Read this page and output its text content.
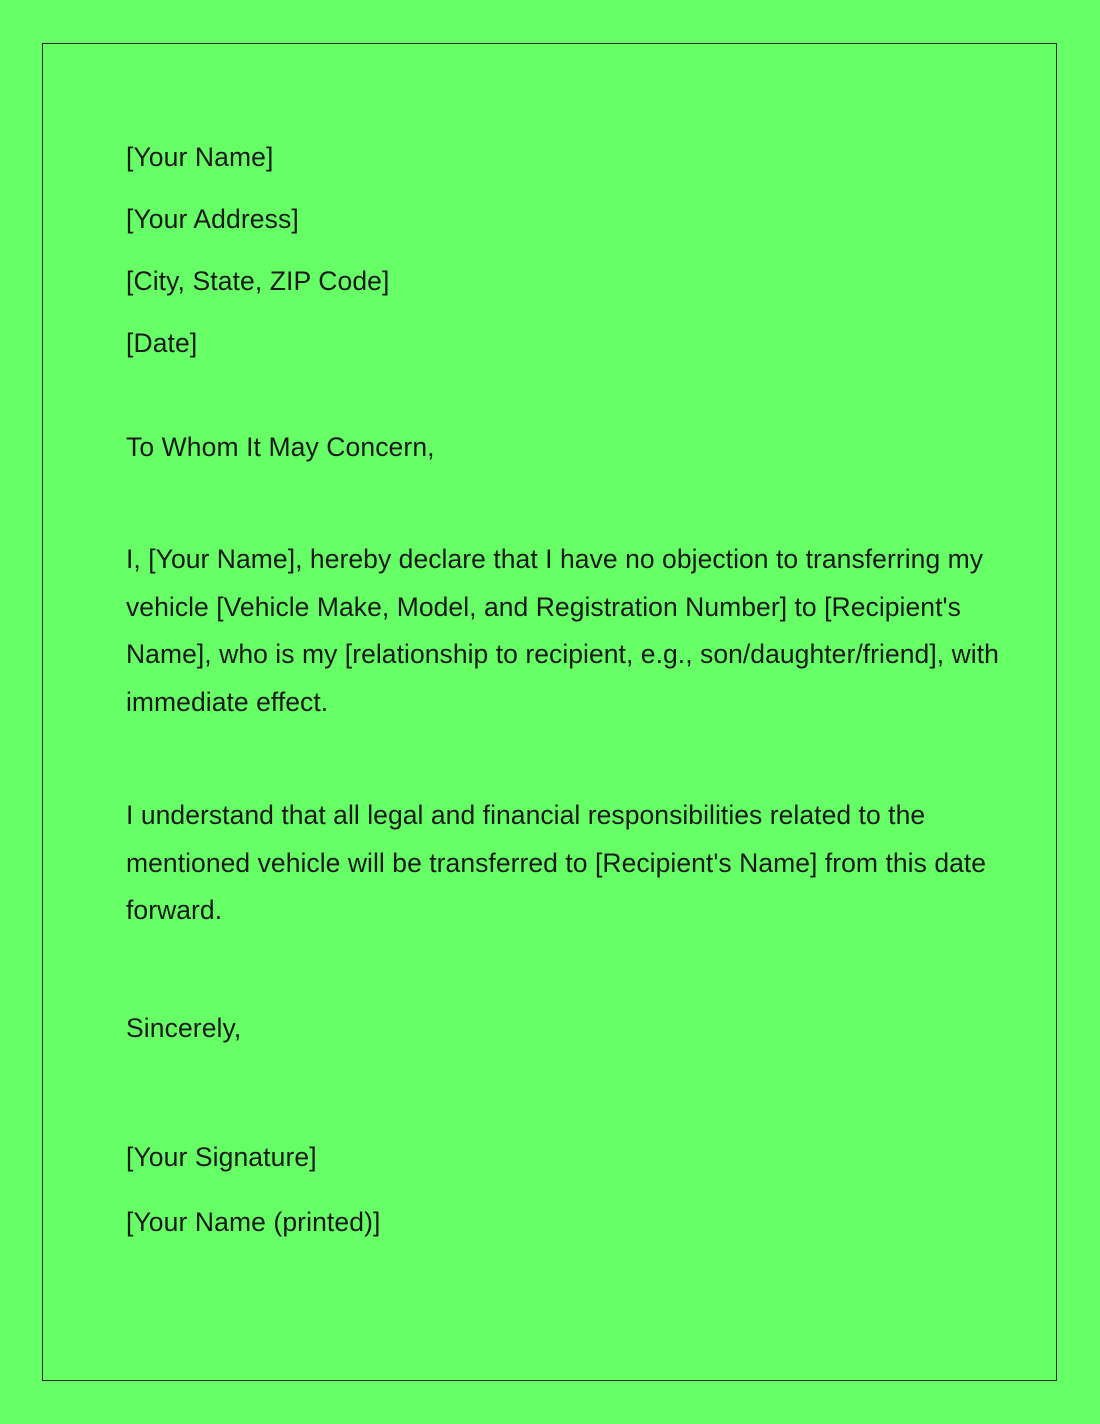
[Your Name]
[Your Address]
[City, State, ZIP Code]
[Date]
To Whom It May Concern,

I, [Your Name], hereby declare that I have no objection to transferring my vehicle [Vehicle Make, Model, and Registration Number] to [Recipient's Name], who is my [relationship to recipient, e.g., son/daughter/friend], with immediate effect.

I understand that all legal and financial responsibilities related to the mentioned vehicle will be transferred to [Recipient's Name] from this date forward.

Sincerely,
[Your Signature]
[Your Name (printed)]
